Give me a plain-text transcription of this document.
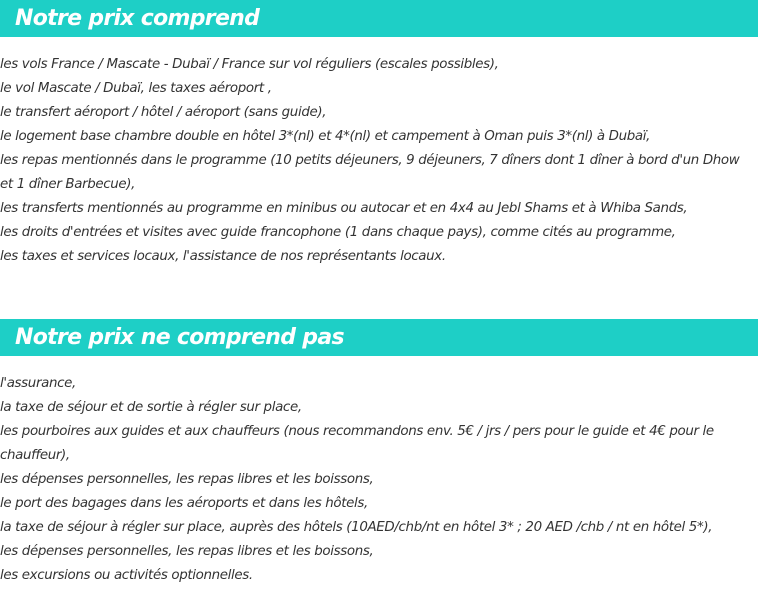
Notre prix comprend
les vols France / Mascate - Dubaï / France sur vol réguliers (escales possibles),
le vol Mascate / Dubaï, les taxes aéroport ,
le transfert aéroport / hôtel / aéroport (sans guide),
le logement base chambre double en hôtel 3*(nl) et 4*(nl) et campement à Oman puis 3*(nl) à Dubaï,
les repas mentionnés dans le programme (10 petits déjeuners, 9 déjeuners, 7 dîners dont 1 dîner à bord d'un Dhow et 1 dîner Barbecue),
les transferts mentionnés au programme en minibus ou autocar et en 4x4 au Jebl Shams et à Whiba Sands,
les droits d'entrées et visites avec guide francophone (1 dans chaque pays), comme cités au programme,
les taxes et services locaux, l'assistance de nos représentants locaux.
Notre prix ne comprend pas
l'assurance,
la taxe de séjour et de sortie à régler sur place,
les pourboires aux guides et aux chauffeurs (nous recommandons env. 5€ / jrs / pers pour le guide et 4€ pour le chauffeur),
les dépenses personnelles, les repas libres et les boissons,
le port des bagages dans les aéroports et dans les hôtels,
la taxe de séjour à régler sur place, auprès des hôtels (10AED/chb/nt en hôtel 3* ; 20 AED /chb / nt en hôtel 5*),
les dépenses personnelles, les repas libres et les boissons,
les excursions ou activités optionnelles.
